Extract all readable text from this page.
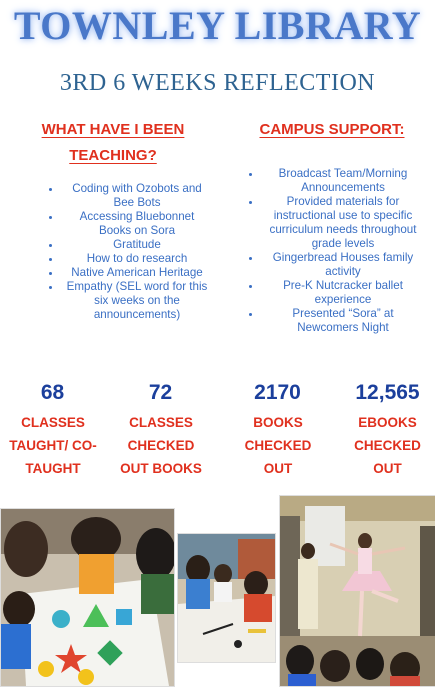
TOWNLEY LIBRARY
3RD 6 WEEKS REFLECTION
WHAT HAVE I BEEN TEACHING?
CAMPUS SUPPORT:
• Coding with Ozobots and Bee Bots
• Accessing Bluebonnet Books on Sora
• Gratitude
• How to do research
• Native American Heritage
• Empathy (SEL word for this six weeks on the announcements)
• Broadcast Team/Morning Announcements
• Provided materials for instructional use to specific curriculum needs throughout grade levels
• Gingerbread Houses family activity
• Pre-K Nutcracker ballet experience
• Presented “Sora” at Newcomers Night
68
CLASSES TAUGHT/ CO-TAUGHT
72
CLASSES CHECKED OUT BOOKS
2170
BOOKS CHECKED OUT
12,565
EBOOKS CHECKED OUT
